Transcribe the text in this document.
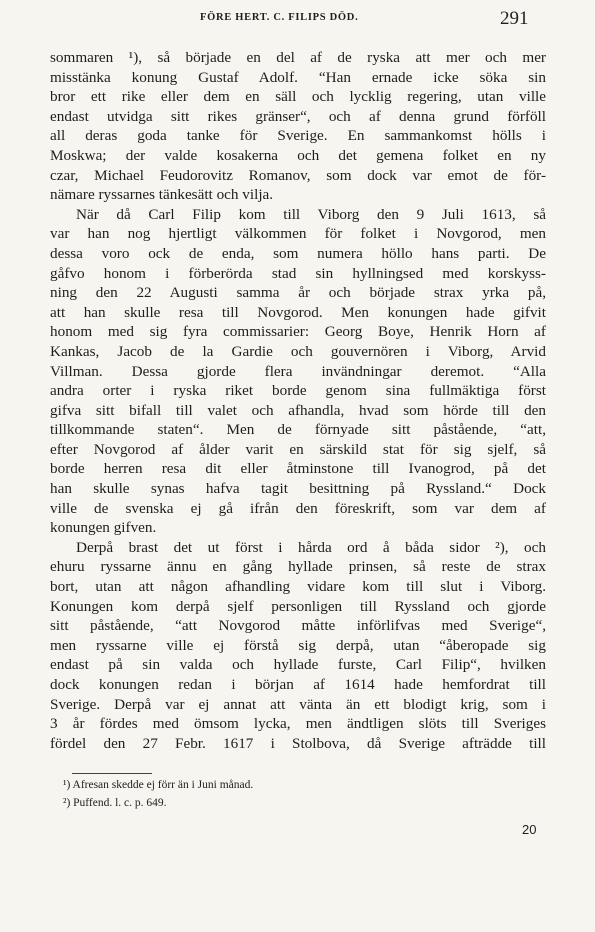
FÖRE HERT. C. FILIPS DÖD.	291
sommaren ¹), så började en del af de ryska att mer och mer
misstänka konung Gustaf Adolf. “Han ernade icke söka sin
bror ett rike eller dem en säll och lycklig regering, utan ville
endast utvidga sitt rikes gränser“, och af denna grund förföll
all deras goda tanke för Sverige. En sammankomst hölls i
Moskwa; der valde kosakerna och det gemena folket en ny
czar, Michael Feudorovitz Romanov, som dock var emot de för-
nämare ryssarnes tänkesätt och vilja.
När då Carl Filip kom till Viborg den 9 Juli 1613, så
var han nog hjertligt välkommen för folket i Novgorod, men
dessa voro ock de enda, som numera höllo hans parti. De
gåfvo honom i förberörda stad sin hyllningsed med korskyss-
ning den 22 Augusti samma år och började strax yrka på,
att han skulle resa till Novgorod. Men konungen hade gifvit
honom med sig fyra commissarier: Georg Boye, Henrik Horn af
Kankas, Jacob de la Gardie och gouvernören i Viborg, Arvid
Villman. Dessa gjorde flera invändningar deremot. “Alla
andra orter i ryska riket borde genom sina fullmäktiga först
gifva sitt bifall till valet och afhandla, hvad som hörde till den
tillkommande staten“. Men de förnyade sitt påstående, “att,
efter Novgorod af ålder varit en särskild stat för sig sjelf, så
borde herren resa dit eller åtminstone till Ivanogrod, på det
han skulle synas hafva tagit besittning på Ryssland.“ Dock
ville de svenska ej gå ifrån den föreskrift, som var dem af
konungen gifven.
Derpå brast det ut först i hårda ord å båda sidor ²), och
ehuru ryssarne ännu en gång hyllade prinsen, så reste de strax
bort, utan att någon afhandling vidare kom till slut i Viborg.
Konungen kom derpå sjelf personligen till Ryssland och gjorde
sitt påstående, “att Novgorod måtte införlifvas med Sverige“,
men ryssarne ville ej förstå sig derpå, utan “åberopade sig
endast på sin valda och hyllade furste, Carl Filip“, hvilken
dock konungen redan i början af 1614 hade hemfordrat till
Sverige. Derpå var ej annat att vänta än ett blodigt krig, som i
3 år fördes med ömsom lycka, men ändtligen slöts till Sveriges
fördel den 27 Febr. 1617 i Stolbova, då Sverige afträdde till
¹) Afresan skedde ej förr än i Juni månad.
²) Puffend. l. c. p. 649.
20
